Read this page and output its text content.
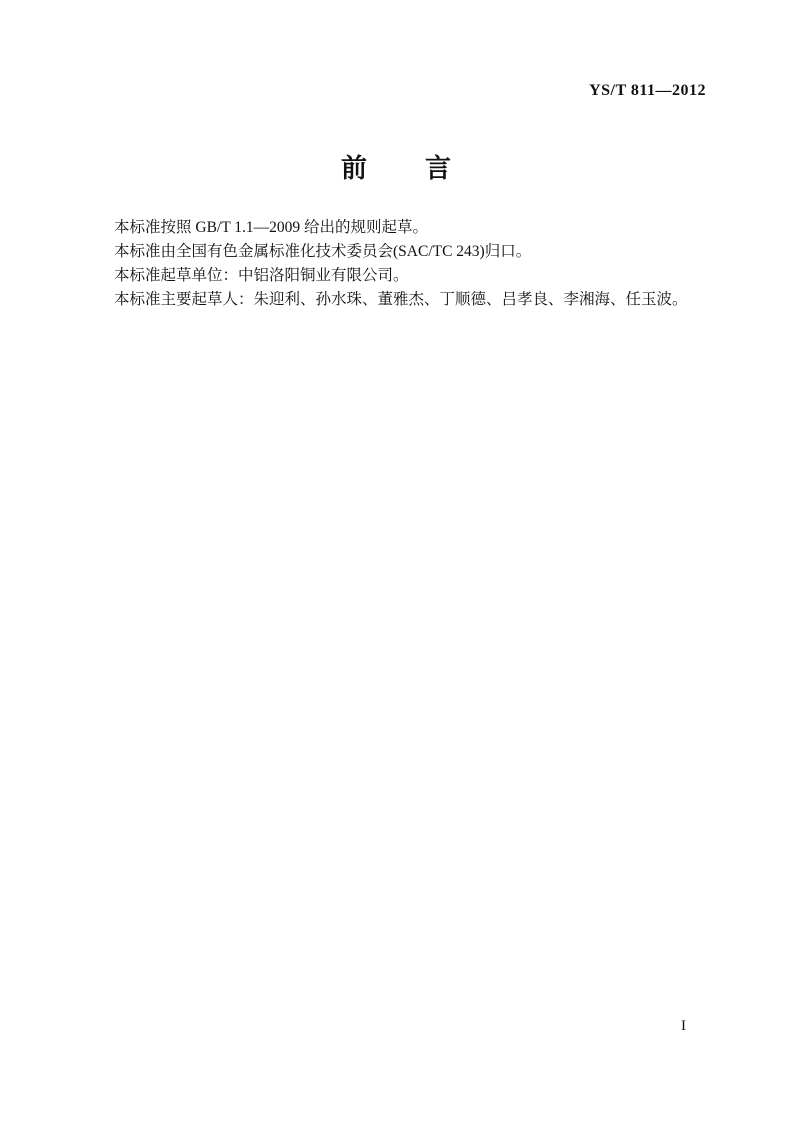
YS/T 811—2012
前　　言

本标准按照 GB/T 1.1—2009 给出的规则起草。

本标准由全国有色金属标准化技术委员会(SAC/TC 243)归口。

本标准起草单位：中铝洛阳铜业有限公司。

本标准主要起草人：朱迎利、孙水珠、董雅杰、丁顺德、吕孝良、李湘海、任玉波。

I
